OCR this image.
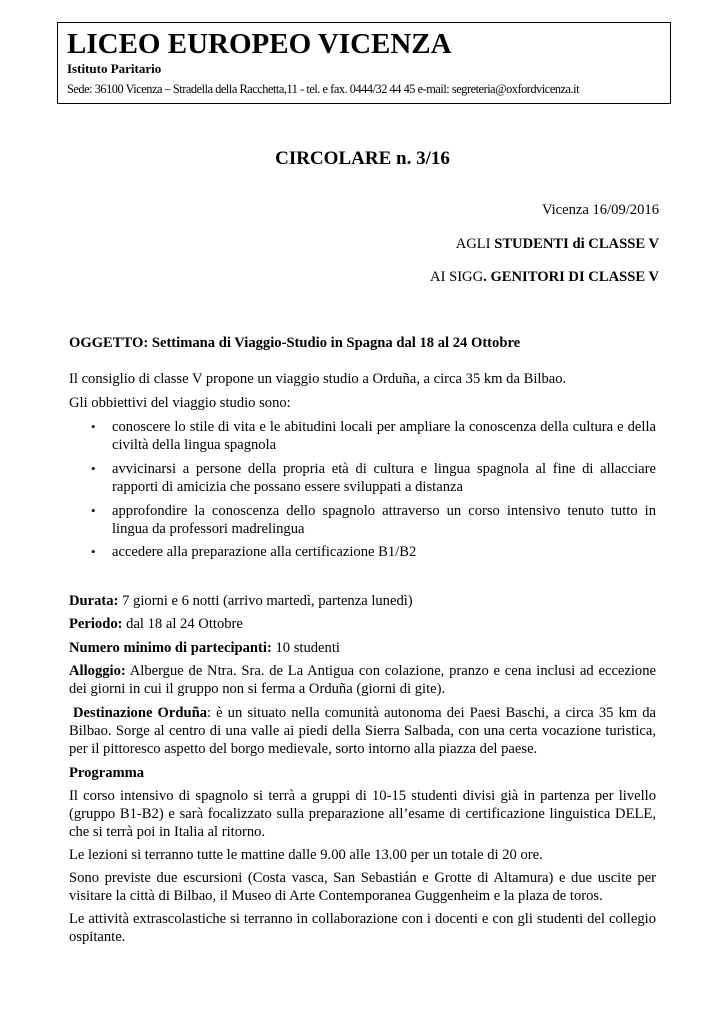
LICEO EUROPEO VICENZA
Istituto Paritario
Sede: 36100 Vicenza – Stradella della Racchetta,11 - tel. e fax. 0444/32 44 45 e-mail: segreteria@oxfordvicenza.it
CIRCOLARE n. 3/16
Vicenza 16/09/2016
AGLI STUDENTI di CLASSE V
AI SIGG. GENITORI DI CLASSE V
OGGETTO: Settimana di Viaggio-Studio in Spagna dal 18 al 24 Ottobre
Il consiglio di classe V propone un viaggio studio a Orduña, a circa 35 km da Bilbao.
Gli obbiettivi del viaggio studio sono:
• conoscere lo stile di vita e le abitudini locali per ampliare la conoscenza della cultura e della
civiltà della lingua spagnola
• avvicinarsi a persone della propria età di cultura e lingua spagnola al fine di allacciare
rapporti di amicizia che possano essere sviluppati a distanza
• approfondire la conoscenza dello spagnolo attraverso un corso intensivo tenuto tutto in
lingua da professori madrelingua
• accedere alla preparazione alla certificazione B1/B2
Durata: 7 giorni e 6 notti (arrivo martedì, partenza lunedì)
Periodo: dal 18 al 24 Ottobre
Numero minimo di partecipanti: 10 studenti
Alloggio: Albergue de Ntra. Sra. de La Antigua con colazione, pranzo e cena inclusi ad eccezione
dei giorni in cui il gruppo non si ferma a Orduña (giorni di gite).
Destinazione Orduña: è un situato nella comunità autonoma dei Paesi Baschi, a circa 35 km da
Bilbao. Sorge al centro di una valle ai piedi della Sierra Salbada, con una certa vocazione turistica,
per il pittoresco aspetto del borgo medievale, sorto intorno alla piazza del paese.
Programma
Il corso intensivo di spagnolo si terrà a gruppi di 10-15 studenti divisi già in partenza per livello
(gruppo B1-B2) e sarà focalizzato sulla preparazione all’esame di certificazione linguistica DELE,
che si terrà poi in Italia al ritorno.
Le lezioni si terranno tutte le mattine dalle 9.00 alle 13.00 per un totale di 20 ore.
Sono previste due escursioni (Costa vasca, San Sebastián e Grotte di Altamura) e due uscite per
visitare la città di Bilbao, il Museo di Arte Contemporanea Guggenheim e la plaza de toros.
Le attività extrascolastiche si terranno in collaborazione con i docenti e con gli studenti del collegio
ospitante.
